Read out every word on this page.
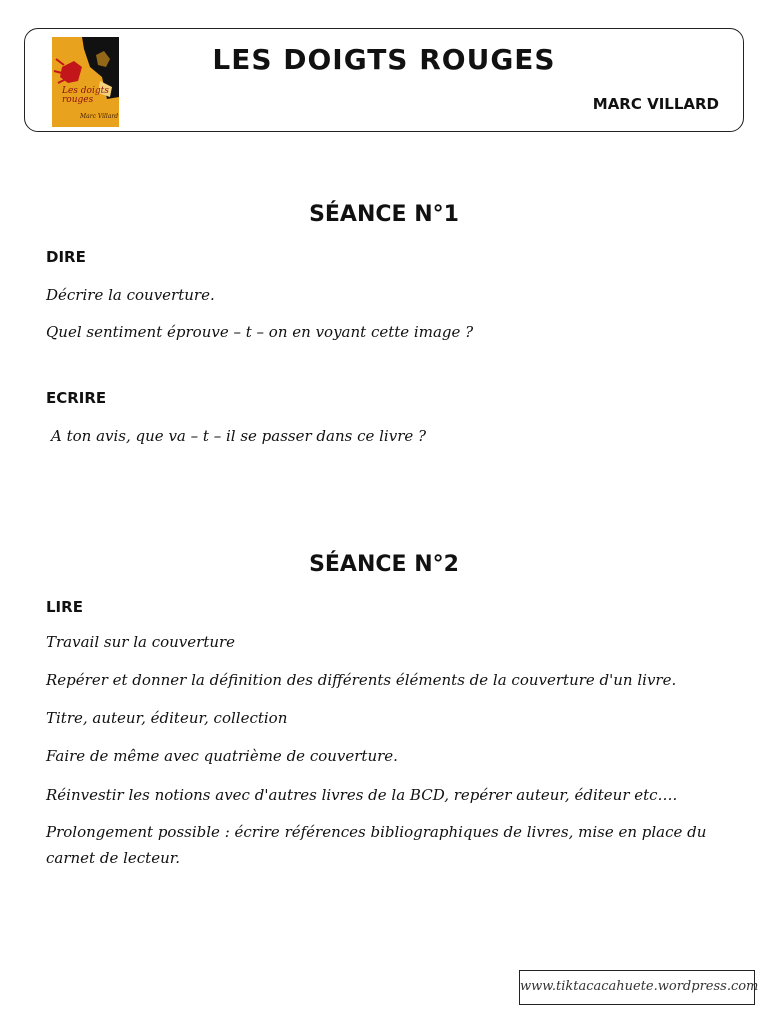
Les doigts rouges
Marc Villard
LES DOIGTS ROUGES
MARC VILLARD
SÉANCE N°1
DIRE
Décrire la couverture.
Quel sentiment éprouve – t – on en voyant cette image ?
ECRIRE
A ton avis, que va – t – il se passer dans ce livre ?
SÉANCE N°2
LIRE
Travail sur la couverture
Repérer et donner la définition des différents éléments de la couverture d'un livre.
Titre, auteur, éditeur, collection
Faire de même avec quatrième de couverture.
Réinvestir les notions avec d'autres livres de la BCD, repérer auteur, éditeur etc….
Prolongement possible : écrire références bibliographiques de livres, mise en place du carnet de lecteur.
www.tiktacacahuete.wordpress.com
